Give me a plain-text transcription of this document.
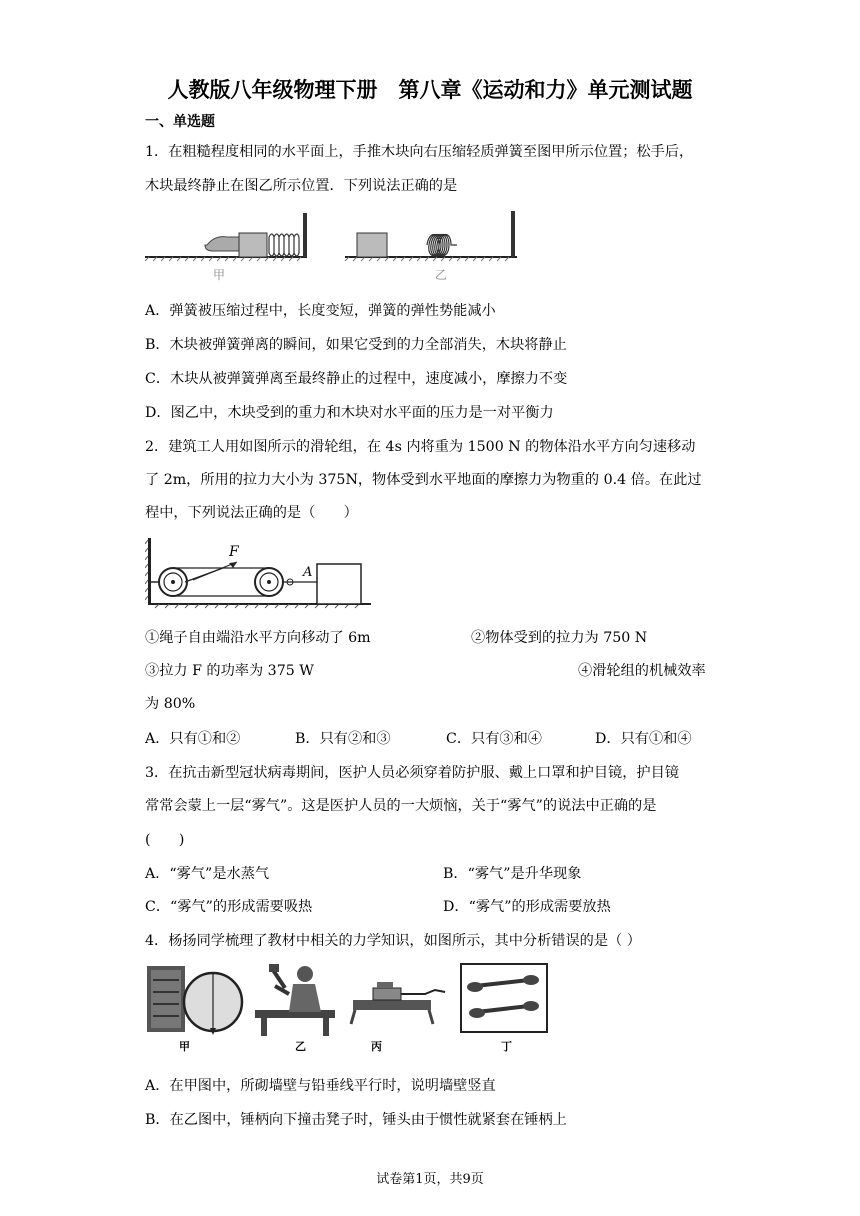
人教版八年级物理下册　第八章《运动和力》单元测试题
一、单选题
1．在粗糙程度相同的水平面上，手推木块向右压缩轻质弹簧至图甲所示位置；松手后，
木块最终静止在图乙所示位置．下列说法正确的是
甲	乙
A．弹簧被压缩过程中，长度变短，弹簧的弹性势能减小
B．木块被弹簧弹离的瞬间，如果它受到的力全部消失，木块将静止
C．木块从被弹簧弹离至最终静止的过程中，速度减小，摩擦力不变
D．图乙中，木块受到的重力和木块对水平面的压力是一对平衡力
2．建筑工人用如图所示的滑轮组，在 4s 内将重为 1500 N 的物体沿水平方向匀速移动
了 2m，所用的拉力大小为 375N，物体受到水平地面的摩擦力为物重的 0.4 倍。在此过
程中，下列说法正确的是（　　）
F
A
①绳子自由端沿水平方向移动了 6m	②物体受到的拉力为 750 N
③拉力 F 的功率为 375 W	④滑轮组的机械效率
为 80%
A．只有①和②	B．只有②和③	C．只有③和④	D．只有①和④
3．在抗击新型冠状病毒期间，医护人员必须穿着防护服、戴上口罩和护目镜，护目镜
常常会蒙上一层“雾气”。这是医护人员的一大烦恼，关于“雾气”的说法中正确的是
(　　)
A．“雾气”是水蒸气	B．“雾气”是升华现象
C．“雾气”的形成需要吸热	D．“雾气”的形成需要放热
4．杨扬同学梳理了教材中相关的力学知识，如图所示，其中分析错误的是（ ）
甲	乙	丙	丁
A．在甲图中，所砌墙壁与铅垂线平行时，说明墙壁竖直
B．在乙图中，锤柄向下撞击凳子时，锤头由于惯性就紧套在锤柄上
试卷第1页，共9页
